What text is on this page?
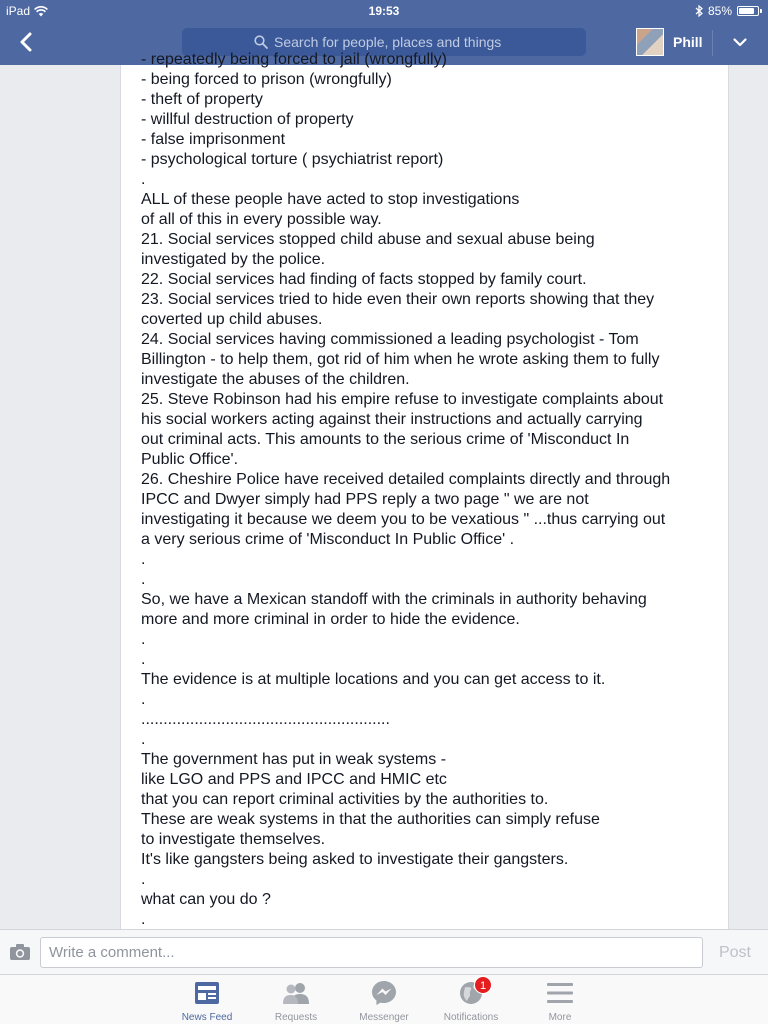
iPad	19:53	85%
Search for people, places and things
Phill
- repeatedly being forced to jail (wrongfully)
- being forced to prison (wrongfully)
- theft of property
- willful destruction of property
- false imprisonment
- psychological torture ( psychiatrist report)
.
ALL of these people have acted to stop investigations
of all of this in every possible way.
21. Social services stopped child abuse and sexual abuse being
investigated by the police.
22. Social services had finding of facts stopped by family court.
23. Social services tried to hide even their own reports showing that they
coverted up child abuses.
24. Social services having commissioned a leading psychologist - Tom
Billington - to help them, got rid of him when he wrote asking them to fully
investigate the abuses of the children.
25. Steve Robinson had his empire refuse to investigate complaints about
his social workers acting against their instructions and actually carrying
out criminal acts. This amounts to the serious crime of 'Misconduct In
Public Office'.
26. Cheshire Police have received detailed complaints directly and through
IPCC and Dwyer simply had PPS reply a two page " we are not
investigating it because we deem you to be vexatious " ...thus carrying out
a very serious crime of 'Misconduct In Public Office' .
.
.
So, we have a Mexican standoff with the criminals in authority behaving
more and more criminal in order to hide the evidence.
.
.
The evidence is at multiple locations and you can get access to it.
.
........................................................
.
The government has put in weak systems -
like LGO and PPS and IPCC and HMIC etc
that you can report criminal activities by the authorities to.
These are weak systems in that the authorities can simply refuse
to investigate themselves.
It's like gangsters being asked to investigate their gangsters.
.
what can you do ?
.
Write a comment...
Post
News Feed	Requests	Messenger
1
Notifications	More
